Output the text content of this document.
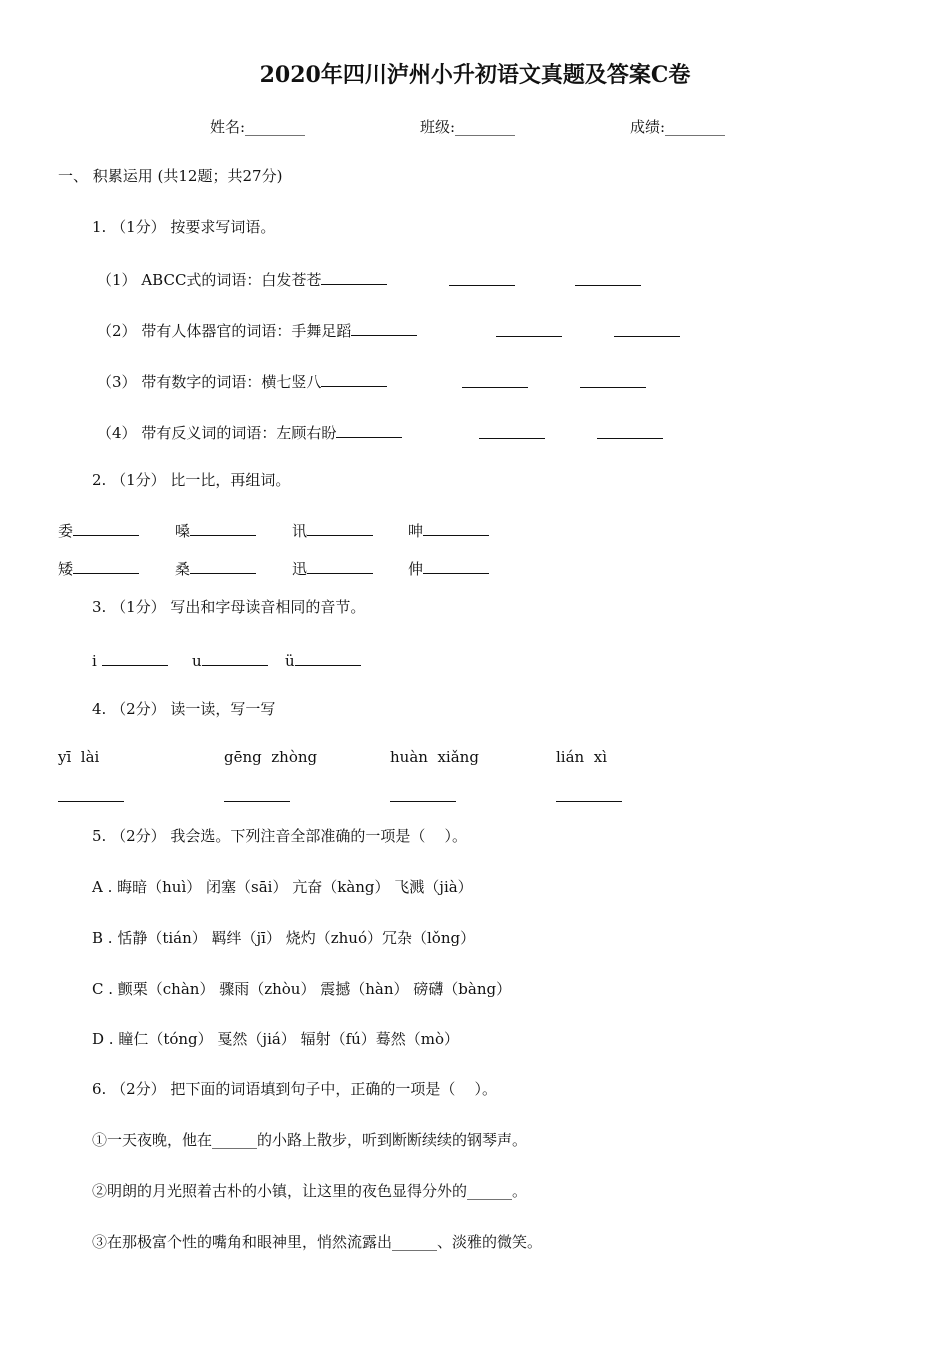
2020年四川泸州小升初语文真题及答案C卷
姓名:________	班级:________	成绩:________
一、 积累运用 (共12题；共27分)
1. （1分） 按要求写词语。
（1） ABCC式的词语：白发苍苍
（2） 带有人体器官的词语：手舞足蹈
（3） 带有数字的词语：横七竖八
（4） 带有反义词的词语：左顾右盼
2. （1分） 比一比，再组词。
委	嗓	讯	呻
矮	桑	迅	伸
3. （1分） 写出和字母读音相同的音节。
i	u	ü
4. （2分） 读一读，写一写
yī  lài	gēng  zhòng	huàn  xiǎng	lián  xì
5. （2分） 我会选。下列注音全部准确的一项是（    ）。
A . 晦暗（huì） 闭塞（sāi） 亢奋（kàng） 飞溅（jià）
B . 恬静（tián） 羁绊（jī） 烧灼（zhuó）冗杂（lǒng）
C . 颤栗（chàn） 骤雨（zhòu） 震撼（hàn） 磅礴（bàng）
D . 瞳仁（tóng） 戛然（jiá） 辐射（fú）蓦然（mò）
6. （2分） 把下面的词语填到句子中，正确的一项是（    ）。
①一天夜晚，他在______的小路上散步，听到断断续续的钢琴声。
②明朗的月光照着古朴的小镇，让这里的夜色显得分外的______。
③在那极富个性的嘴角和眼神里，悄然流露出______、淡雅的微笑。
